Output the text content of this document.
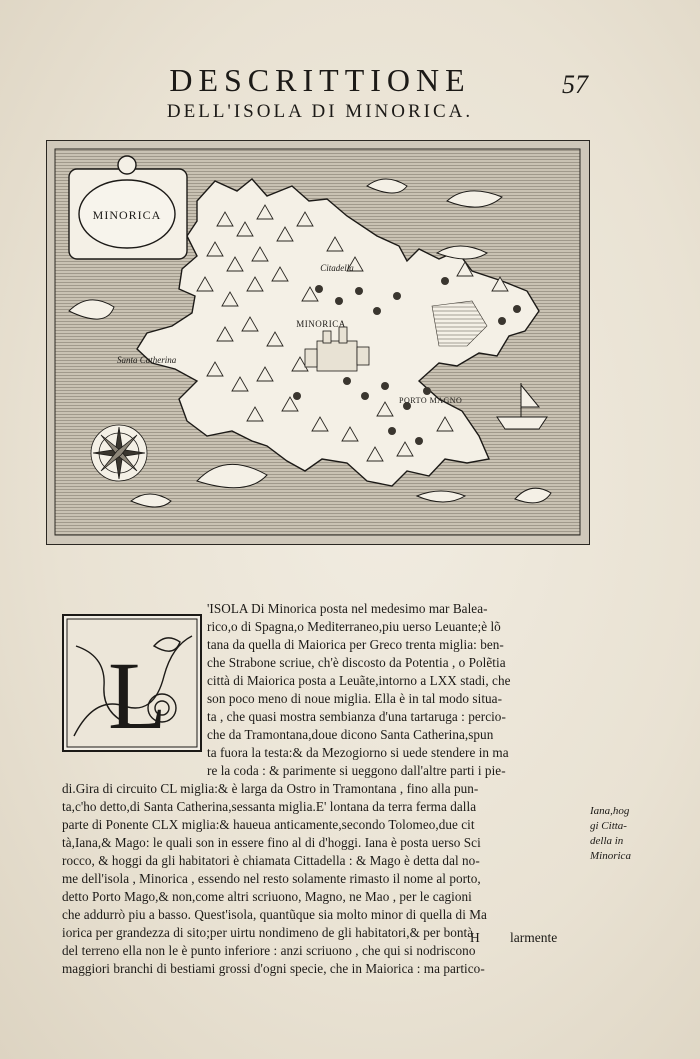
DESCRITTIONE
DELL'ISOLA DI MINORICA.
57
MINORICA
Citadella
MINORICA
Santa Catherina
PORTO MAGNO
L
'ISOLA Di Minorica posta nel medesimo mar Balea-
rico,o di Spagna,o Mediterraneo,piu uerso Leuante;è lõ
tana da quella di Maiorica per Greco trenta miglia: ben-
che Strabone scriue, ch'è discosto da Potentia , o Polẽtia
città di Maiorica posta a Leuãte,intorno a LXX stadi, che
son poco meno di noue miglia. Ella è in tal modo situa-
ta , che quasi mostra sembianza d'una tartaruga : percio-
che da Tramontana,doue dicono Santa Catherina,spun
ta fuora la testa:& da Mezogiorno si uede stendere in ma
re la coda : & parimente si ueggono dall'altre parti i pie-
di.Gira di circuito CL miglia:& è larga da Ostro in Tramontana , fino alla pun-
ta,c'ho detto,di Santa Catherina,sessanta miglia.E' lontana da terra ferma dalla
parte di Ponente CLX miglia:& haueua anticamente,secondo Tolomeo,due cit
tà,Iana,& Mago: le quali son in essere fino al di d'hoggi. Iana è posta uerso Sci
rocco, & hoggi da gli habitatori è chiamata Cittadella : & Mago è detta dal no-
me dell'isola , Minorica , essendo nel resto solamente rimasto il nome al porto,
detto Porto Mago,& non,come altri scriuono, Magno, ne Mao , per le cagioni
che addurrò piu a basso. Quest'isola, quantũque sia molto minor di quella di Ma
iorica per grandezza di sito;per uirtu nondimeno de gli habitatori,& per bontà
del terreno ella non le è punto inferiore : anzi scriuono , che qui si nodriscono
maggiori branchi di bestiami grossi d'ogni specie, che in Maiorica : ma partico-
Iana,hog
gi Citta-
della in
Minorica
H larmente
